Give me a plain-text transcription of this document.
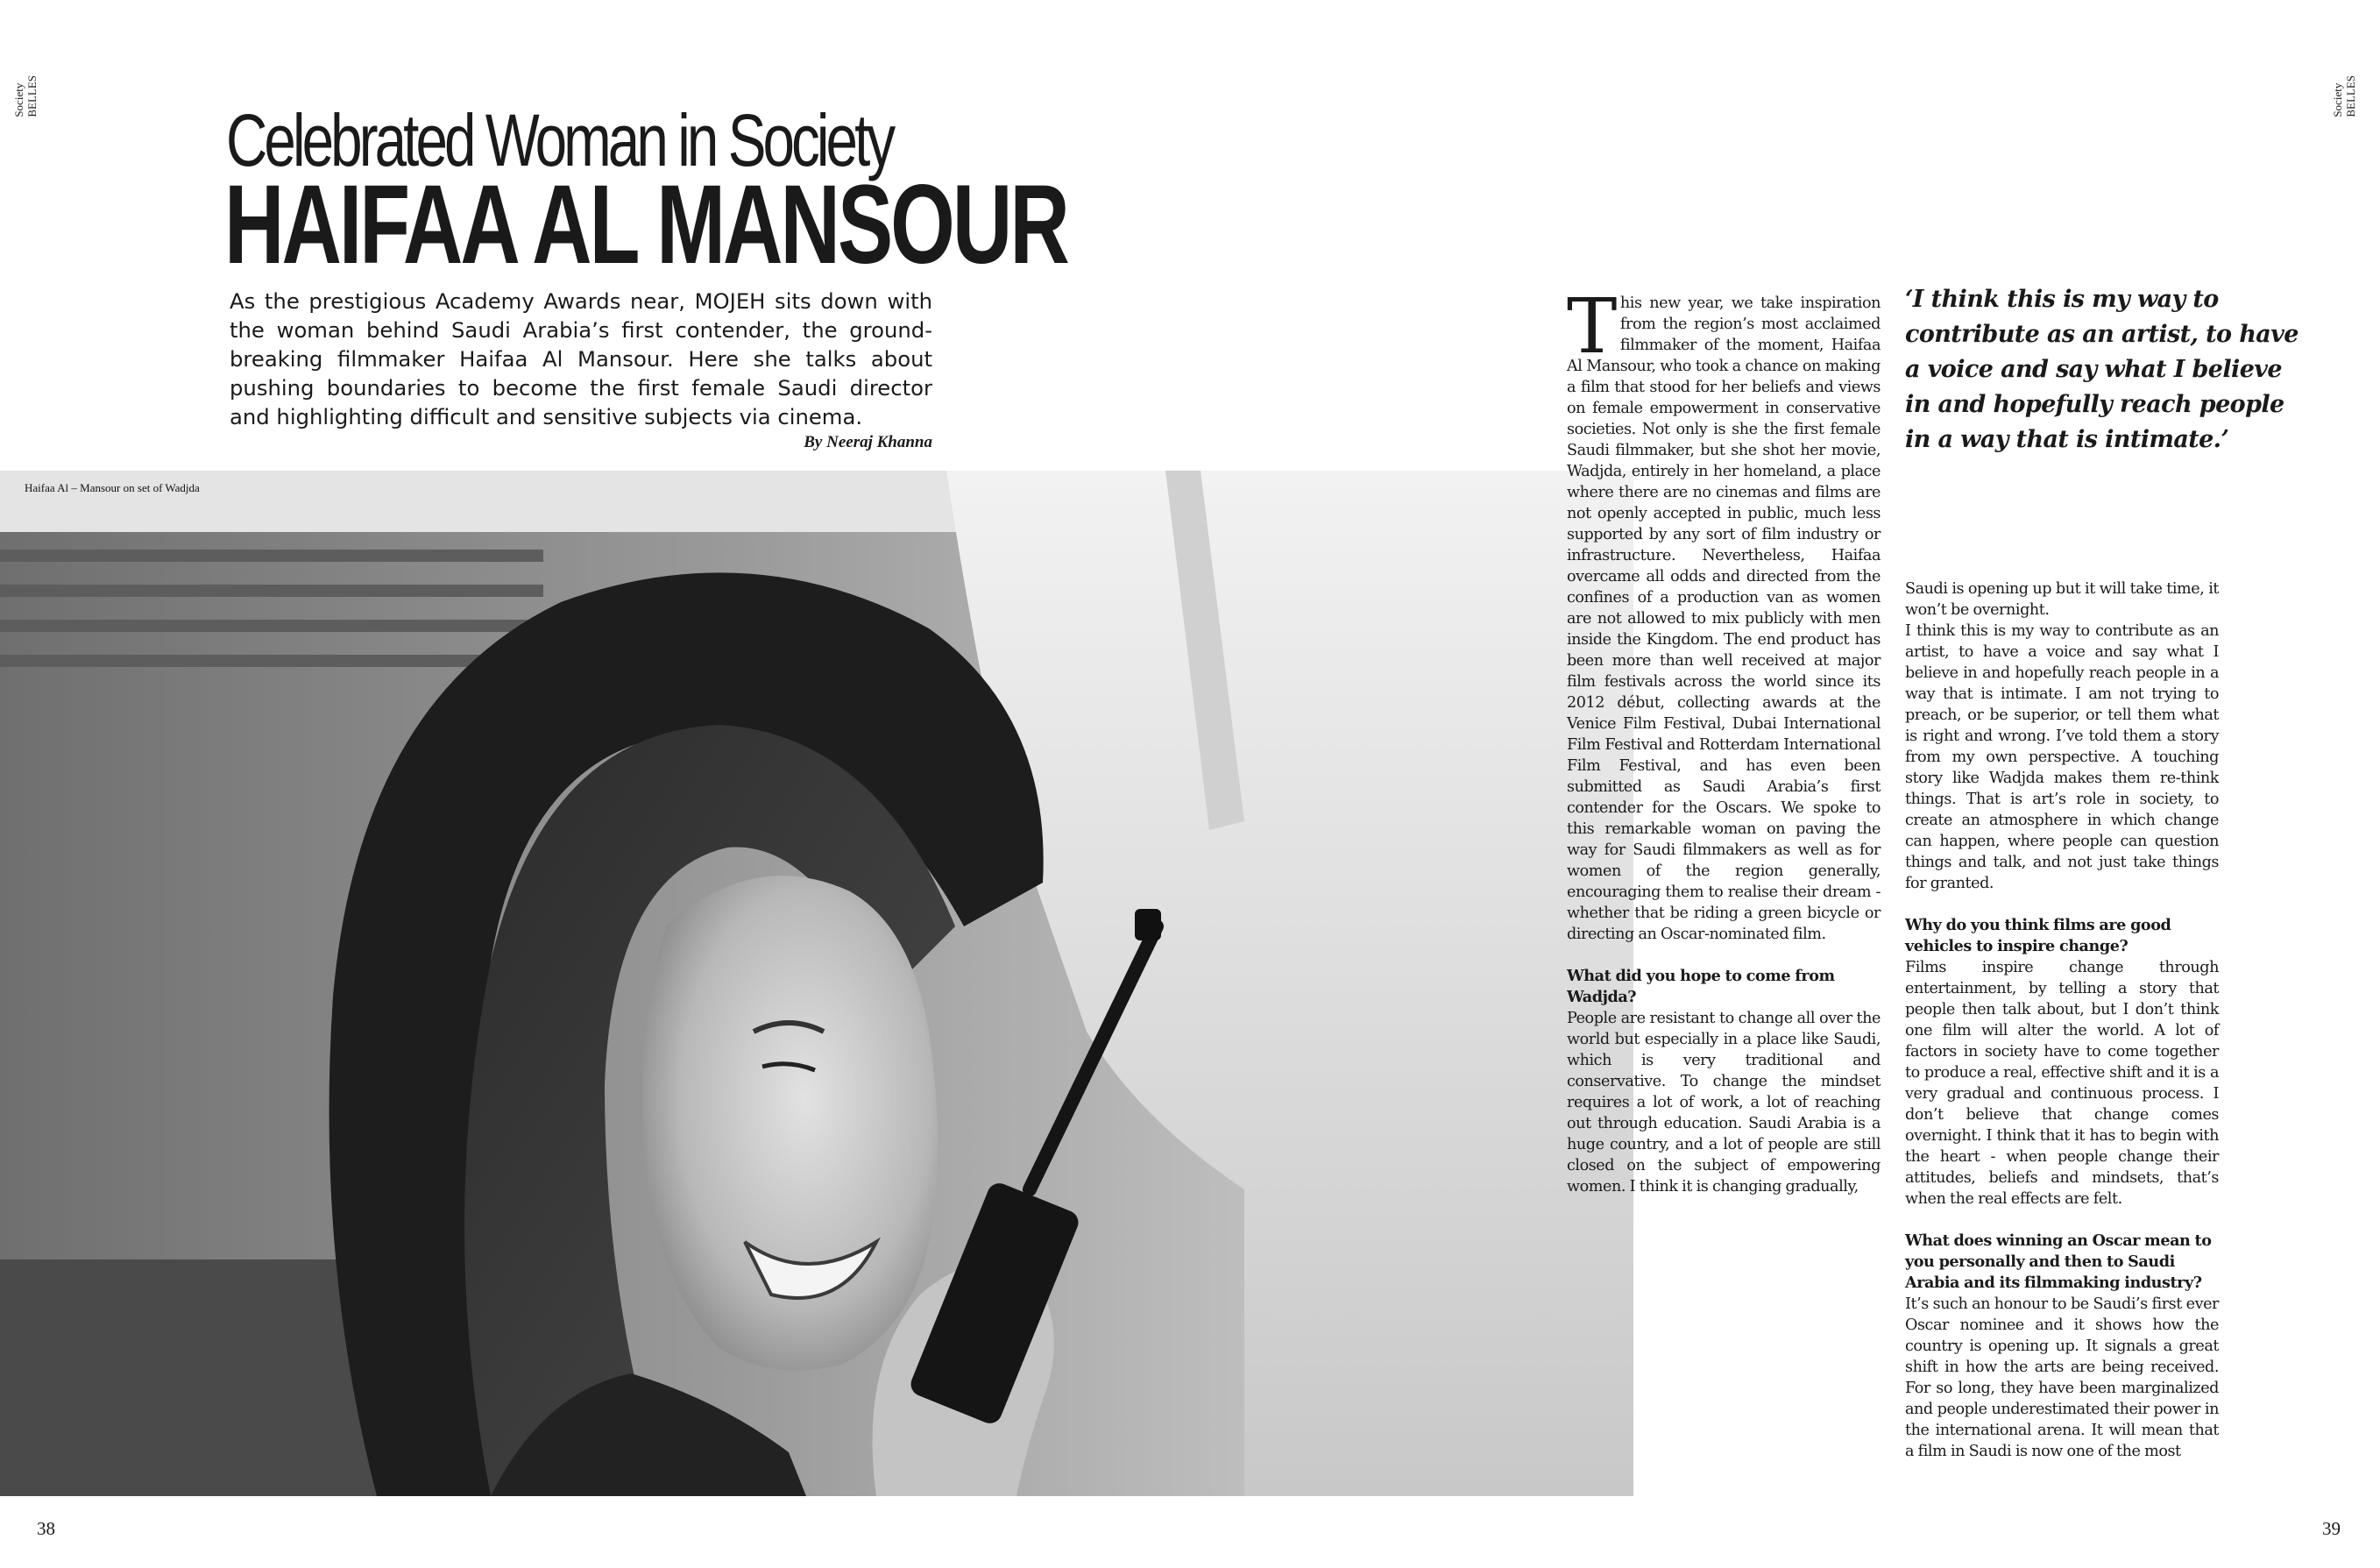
Society BELLES	Society BELLES
Celebrated Woman in Society
HAIFAA AL MANSOUR

As the prestigious Academy Awards near, MOJEH sits down with the woman behind Saudi Arabia’s first contender, the ground-breaking filmmaker Haifaa Al Mansour. Here she talks about pushing boundaries to become the first female Saudi director and highlighting difficult and sensitive subjects via cinema.

By Neeraj Khanna
Haifaa Al – Mansour on set of Wadjda

This new year, we take inspiration from the region’s most acclaimed filmmaker of the moment, Haifaa Al Mansour, who took a chance on making a film that stood for her beliefs and views on female empowerment in conservative societies. Not only is she the first female Saudi filmmaker, but she shot her movie, Wadjda, entirely in her homeland, a place where there are no cinemas and films are not openly accepted in public, much less supported by any sort of film industry or infrastructure. Nevertheless, Haifaa overcame all odds and directed from the confines of a production van as women are not allowed to mix publicly with men inside the Kingdom. The end product has been more than well received at major film festivals across the world since its 2012 début, collecting awards at the Venice Film Festival, Dubai International Film Festival and Rotterdam International Film Festival, and has even been submitted as Saudi Arabia’s first contender for the Oscars. We spoke to this remarkable woman on paving the way for Saudi filmmakers as well as for women of the region generally, encouraging them to realise their dream - whether that be riding a green bicycle or directing an Oscar-nominated film.

What did you hope to come from Wadjda?

People are resistant to change all over the world but especially in a place like Saudi, which is very traditional and conservative. To change the mindset requires a lot of work, a lot of reaching out through education. Saudi Arabia is a huge country, and a lot of people are still closed on the subject of empowering women. I think it is changing gradually,

‘I think this is my way to contribute as an artist, to have a voice and say what I believe in and hopefully reach people in a way that is intimate.’

Saudi is opening up but it will take time, it won’t be overnight.

I think this is my way to contribute as an artist, to have a voice and say what I believe in and hopefully reach people in a way that is intimate. I am not trying to preach, or be superior, or tell them what is right and wrong. I’ve told them a story from my own perspective. A touching story like Wadjda makes them re-think things. That is art’s role in society, to create an atmosphere in which change can happen, where people can question things and talk, and not just take things for granted.

Why do you think films are good vehicles to inspire change?

Films inspire change through entertainment, by telling a story that people then talk about, but I don’t think one film will alter the world. A lot of factors in society have to come together to produce a real, effective shift and it is a very gradual and continuous process. I don’t believe that change comes overnight. I think that it has to begin with the heart - when people change their attitudes, beliefs and mindsets, that’s when the real effects are felt.

What does winning an Oscar mean to you personally and then to Saudi Arabia and its filmmaking industry?

It’s such an honour to be Saudi’s first ever Oscar nominee and it shows how the country is opening up. It signals a great shift in how the arts are being received. For so long, they have been marginalized and people underestimated their power in the international arena. It will mean that a film in Saudi is now one of the most

38	39
